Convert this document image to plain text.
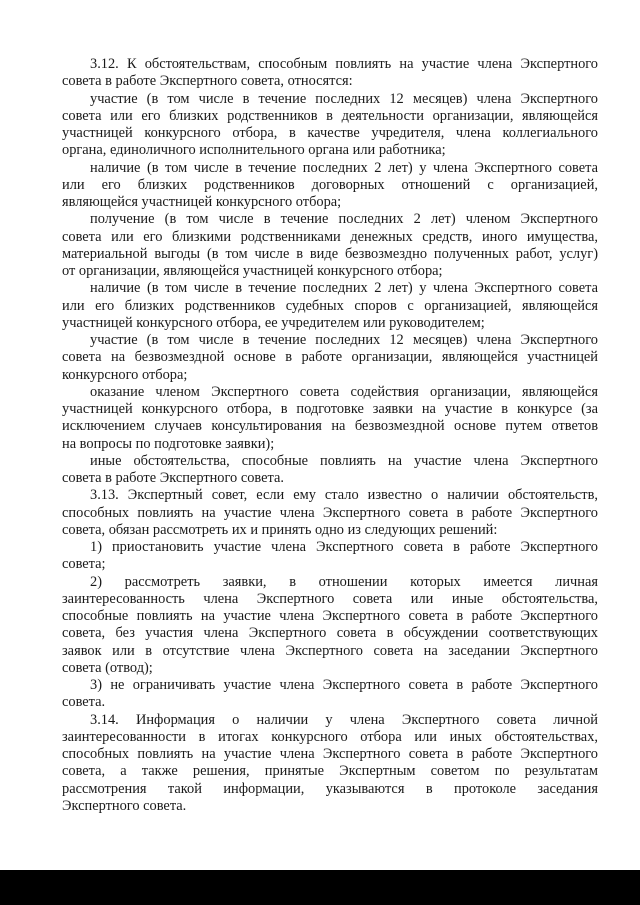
3.12. К обстоятельствам, способным повлиять на участие члена Экспертного
совета в работе Экспертного совета, относятся:
участие (в том числе в течение последних 12 месяцев) члена Экспертного
совета или его близких родственников в деятельности организации, являющейся
участницей конкурсного отбора, в качестве учредителя, члена коллегиального
органа, единоличного исполнительного органа или работника;
наличие (в том числе в течение последних 2 лет) у члена Экспертного совета
или его близких родственников договорных отношений с организацией,
являющейся участницей конкурсного отбора;
получение (в том числе в течение последних 2 лет) членом Экспертного
совета или его близкими родственниками денежных средств, иного имущества,
материальной выгоды (в том числе в виде безвозмездно полученных работ, услуг)
от организации, являющейся участницей конкурсного отбора;
наличие (в том числе в течение последних 2 лет) у члена Экспертного совета
или его близких родственников судебных споров с организацией, являющейся
участницей конкурсного отбора, ее учредителем или руководителем;
участие (в том числе в течение последних 12 месяцев) члена Экспертного
совета на безвозмездной основе в работе организации, являющейся участницей
конкурсного отбора;
оказание членом Экспертного совета содействия организации, являющейся
участницей конкурсного отбора, в подготовке заявки на участие в конкурсе (за
исключением случаев консультирования на безвозмездной основе путем ответов
на вопросы по подготовке заявки);
иные обстоятельства, способные повлиять на участие члена Экспертного
совета в работе Экспертного совета.
3.13. Экспертный совет, если ему стало известно о наличии обстоятельств,
способных повлиять на участие члена Экспертного совета в работе Экспертного
совета, обязан рассмотреть их и принять одно из следующих решений:
1) приостановить участие члена Экспертного совета в работе Экспертного
совета;
2) рассмотреть заявки, в отношении которых имеется личная
заинтересованность члена Экспертного совета или иные обстоятельства,
способные повлиять на участие члена Экспертного совета в работе Экспертного
совета, без участия члена Экспертного совета в обсуждении соответствующих
заявок или в отсутствие члена Экспертного совета на заседании Экспертного
совета (отвод);
3) не ограничивать участие члена Экспертного совета в работе Экспертного
совета.
3.14. Информация о наличии у члена Экспертного совета личной
заинтересованности в итогах конкурсного отбора или иных обстоятельствах,
способных повлиять на участие члена Экспертного совета в работе Экспертного
совета, а также решения, принятые Экспертным советом по результатам
рассмотрения такой информации, указываются в протоколе заседания
Экспертного совета.
